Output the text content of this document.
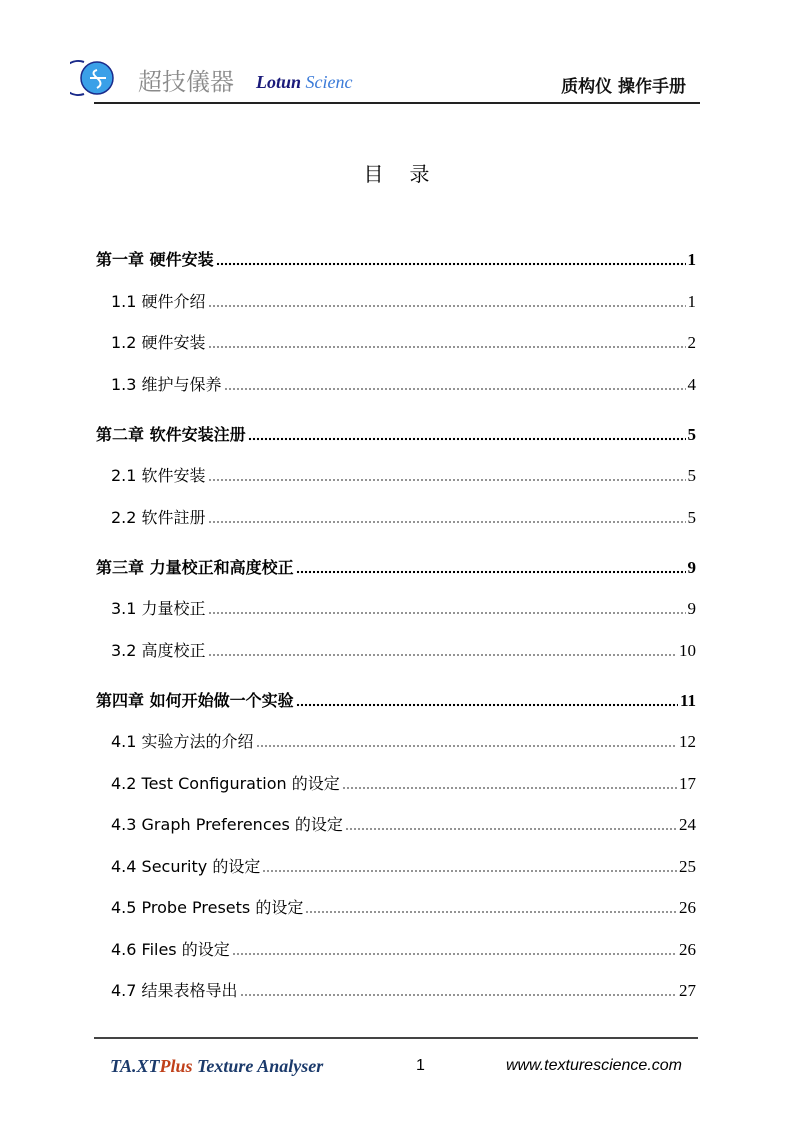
超技儀器 Lotun Scienc	质构仪 操作手册
目录
第一章 硬件安装	1
1.1 硬件介绍	1
1.2 硬件安装	2
1.3 维护与保养	4
第二章 软件安装注册	5
2.1 软件安装	5
2.2 软件註册	5
第三章 力量校正和高度校正	9
3.1 力量校正	9
3.2 高度校正	10
第四章 如何开始做一个实验	11
4.1 实验方法的介绍	12
4.2 Test Configuration 的设定	17
4.3 Graph Preferences 的设定	24
4.4 Security 的设定	25
4.5 Probe Presets 的设定	26
4.6 Files 的设定	26
4.7 结果表格导出	27
TA.XTPlus Texture Analyser	1	www.texturescience.com
